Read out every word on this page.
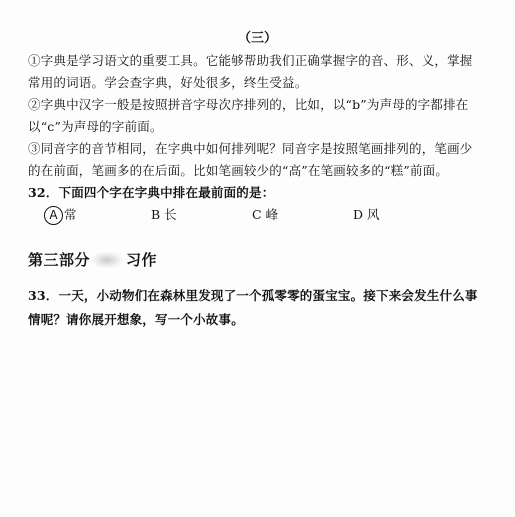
（三）
①字典是学习语文的重要工具。它能够帮助我们正确掌握字的音、形、义，掌握常用的词语。学会查字典，好处很多，终生受益。
②字典中汉字一般是按照拼音字母次序排列的，比如，以“b”为声母的字都排在以“c”为声母的字前面。
③同音字的音节相同，在字典中如何排列呢？同音字是按照笔画排列的，笔画少的在前面，笔画多的在后面。比如笔画较少的“高”在笔画较多的“糕”前面。
32．下面四个字在字典中排在最前面的是：
A 常	B 长	C 峰	D 风
第三部分 习作
33．一天，小动物们在森林里发现了一个孤零零的蛋宝宝。接下来会发生什么事情呢？请你展开想象，写一个小故事。
